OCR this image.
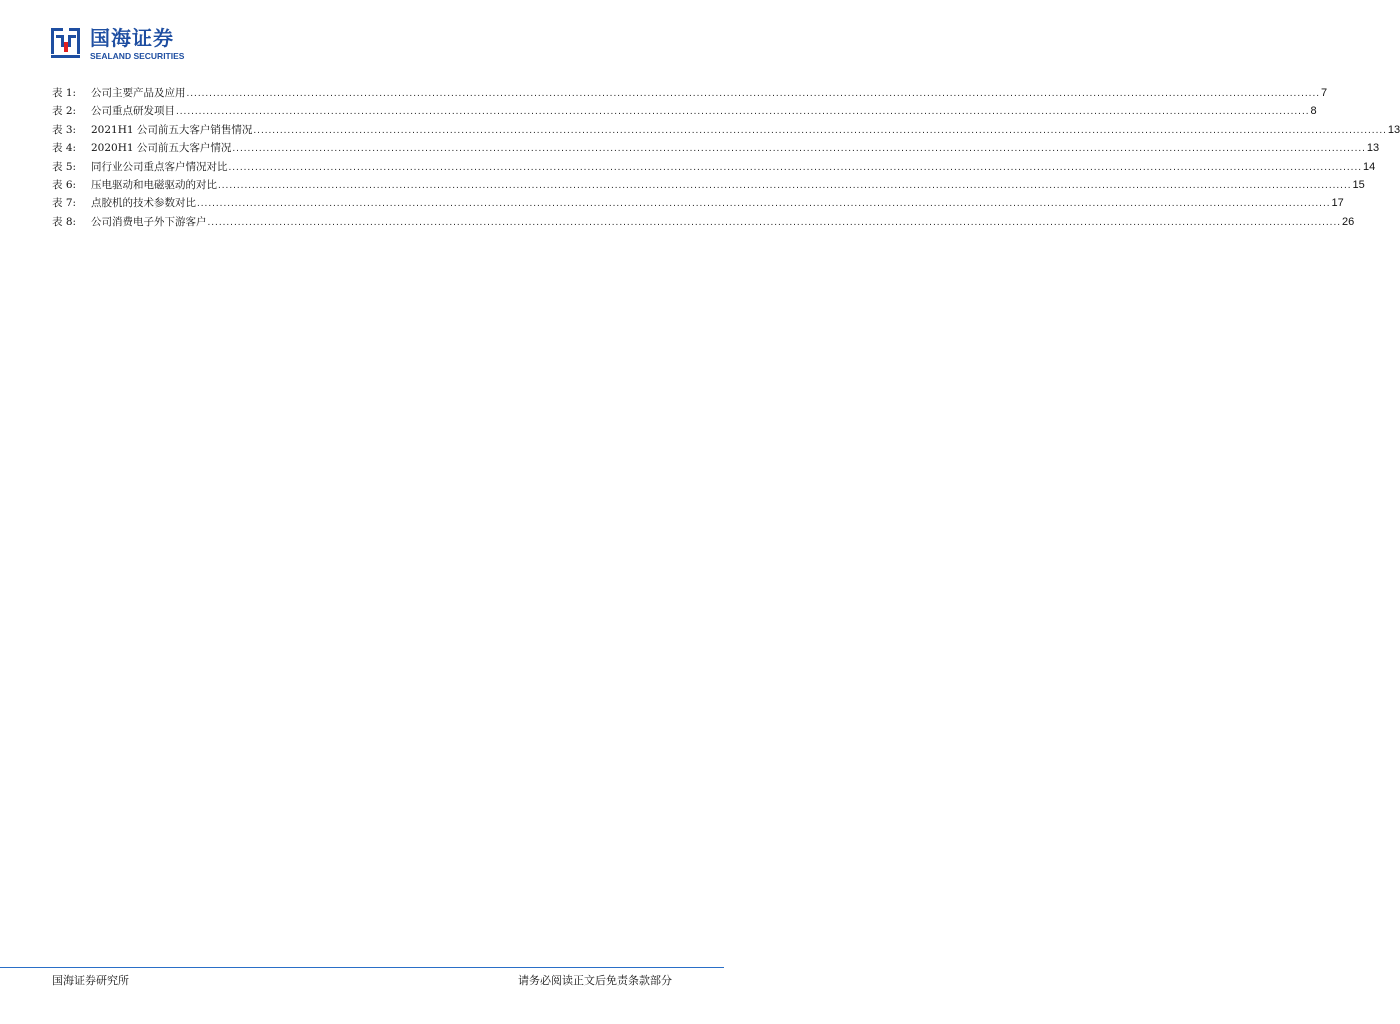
国海证券
SEALAND SECURITIES
表 1:	公司主要产品及应用 ............................................................................................................................................................................................................................................................................................................ 7
表 2:	公司重点研发项目 ............................................................................................................................................................................................................................................................................................................ 8
表 3:	2021H1 公司前五大客户销售情况 ............................................................................................................................................................................................................................................................................................................ 13
表 4:	2020H1 公司前五大客户情况 ............................................................................................................................................................................................................................................................................................................ 13
表 5:	同行业公司重点客户情况对比 ............................................................................................................................................................................................................................................................................................................ 14
表 6:	压电驱动和电磁驱动的对比 ............................................................................................................................................................................................................................................................................................................ 15
表 7:	点胶机的技术参数对比 ............................................................................................................................................................................................................................................................................................................ 17
表 8:	公司消费电子外下游客户 ............................................................................................................................................................................................................................................................................................................ 26
国海证券研究所	请务必阅读正文后免责条款部分
